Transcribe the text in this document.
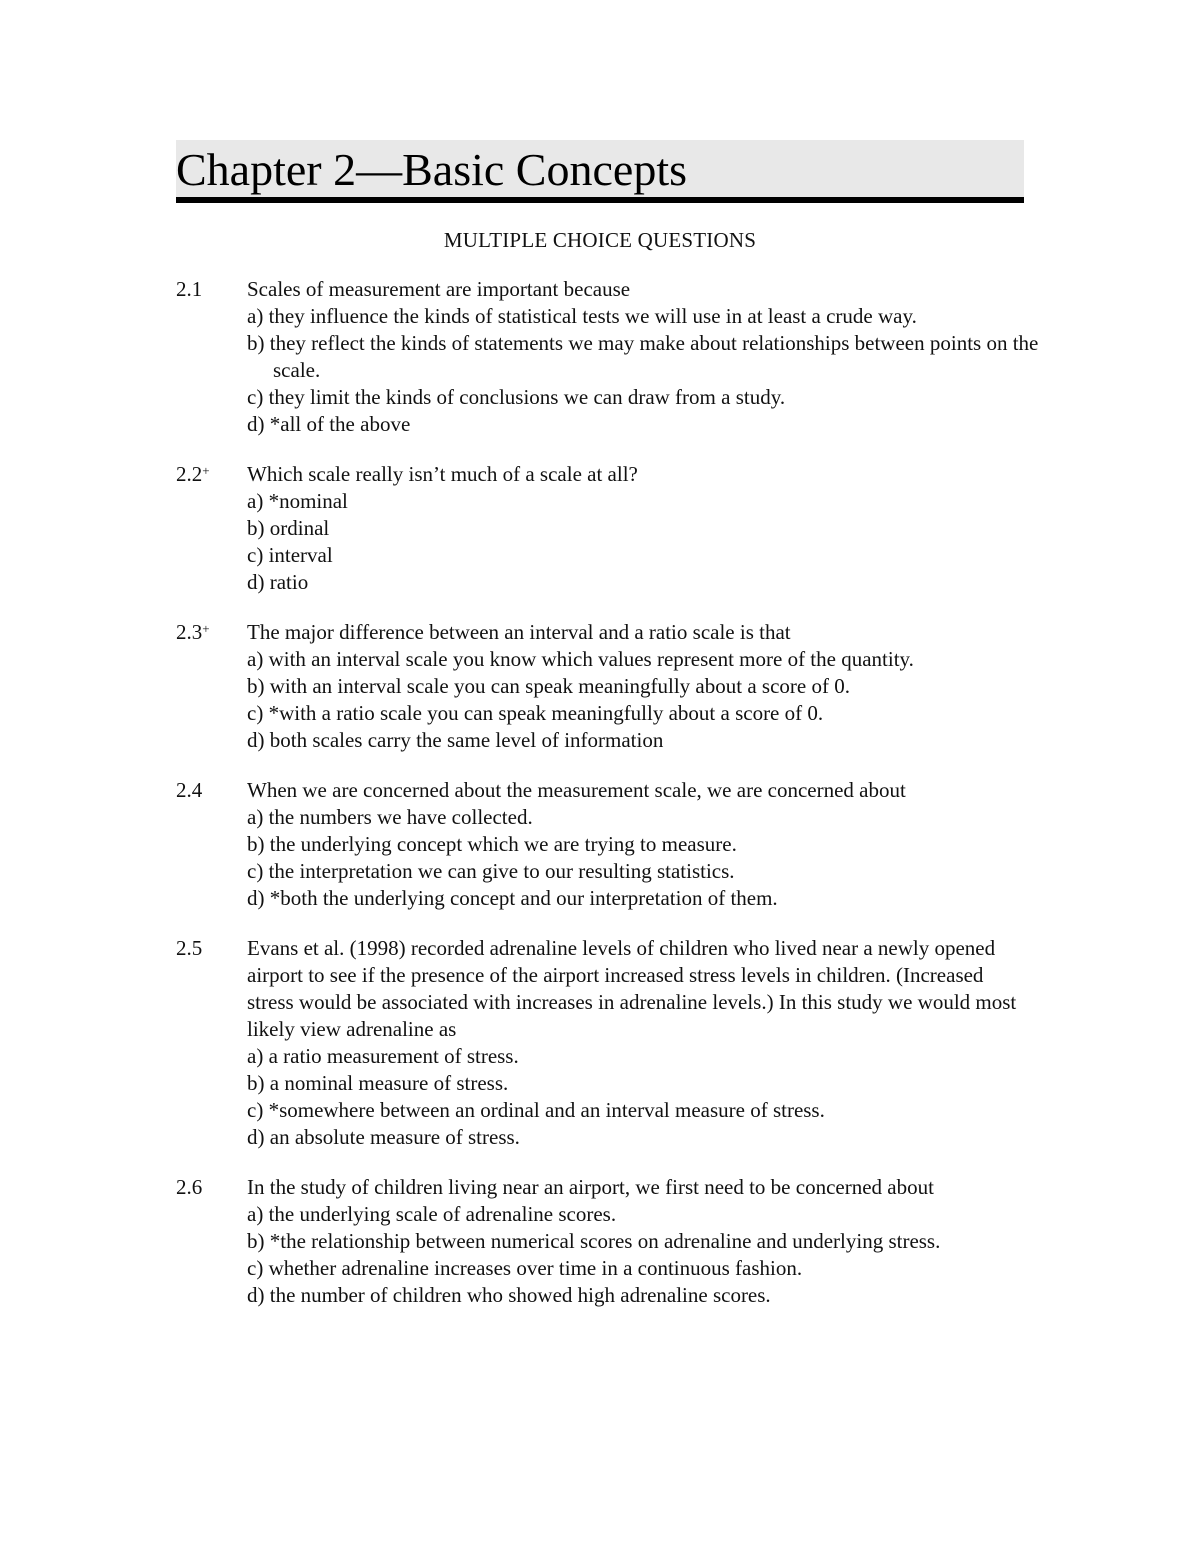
Chapter 2—Basic Concepts
MULTIPLE CHOICE QUESTIONS
2.1	Scales of measurement are important because
a) they influence the kinds of statistical tests we will use in at least a crude way.
b) they reflect the kinds of statements we may make about relationships between points on the scale.
c) they limit the kinds of conclusions we can draw from a study.
d) *all of the above
2.2+	Which scale really isn’t much of a scale at all?
a) *nominal
b) ordinal
c) interval
d) ratio
2.3+	The major difference between an interval and a ratio scale is that
a) with an interval scale you know which values represent more of the quantity.
b) with an interval scale you can speak meaningfully about a score of 0.
c) *with a ratio scale you can speak meaningfully about a score of 0.
d) both scales carry the same level of information
2.4	When we are concerned about the measurement scale, we are concerned about
a) the numbers we have collected.
b) the underlying concept which we are trying to measure.
c) the interpretation we can give to our resulting statistics.
d) *both the underlying concept and our interpretation of them.
2.5	Evans et al. (1998) recorded adrenaline levels of children who lived near a newly opened airport to see if the presence of the airport increased stress levels in children. (Increased stress would be associated with increases in adrenaline levels.) In this study we would most likely view adrenaline as
a) a ratio measurement of stress.
b) a nominal measure of stress.
c) *somewhere between an ordinal and an interval measure of stress.
d) an absolute measure of stress.
2.6	In the study of children living near an airport, we first need to be concerned about
a) the underlying scale of adrenaline scores.
b) *the relationship between numerical scores on adrenaline and underlying stress.
c) whether adrenaline increases over time in a continuous fashion.
d) the number of children who showed high adrenaline scores.
